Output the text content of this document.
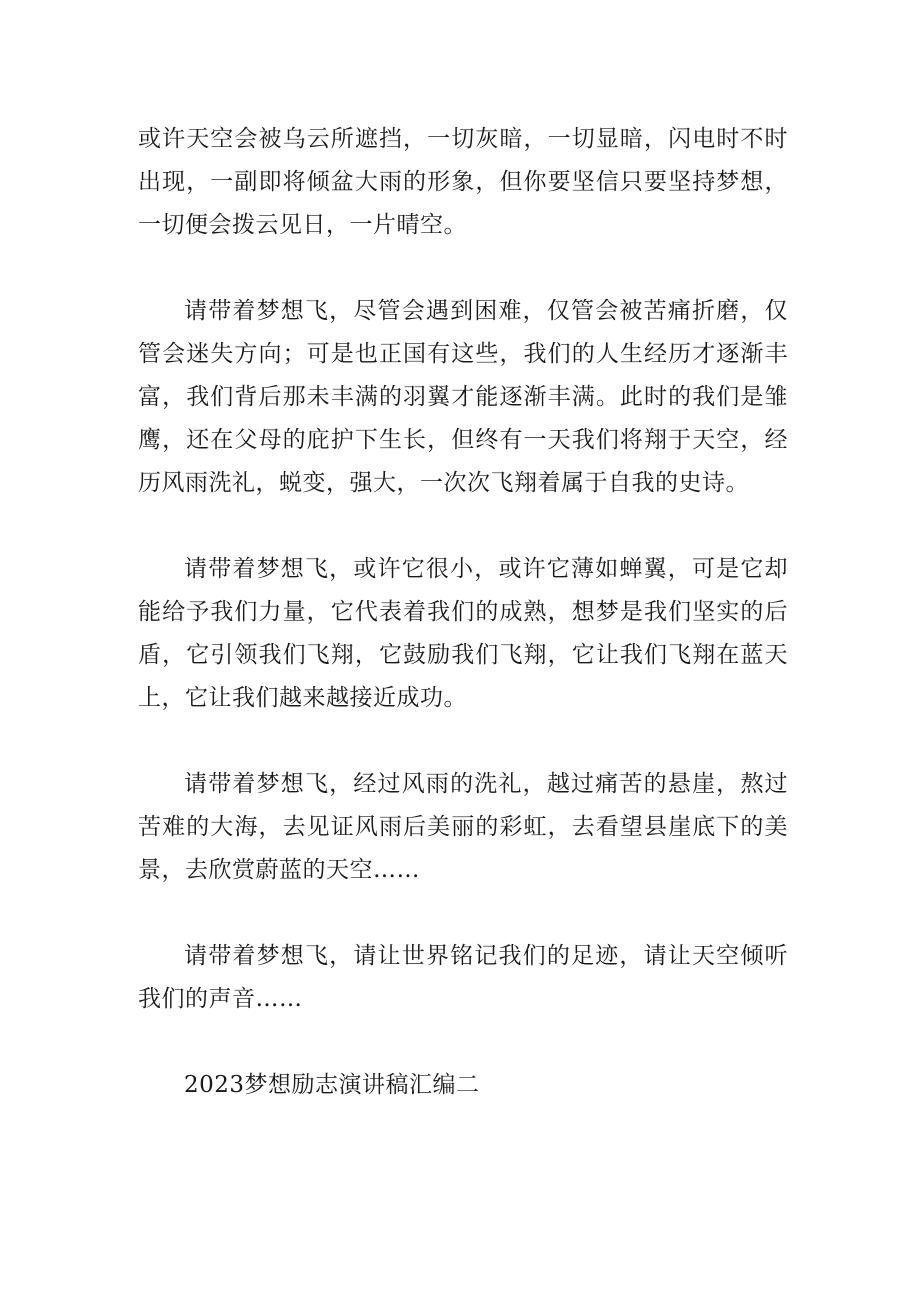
或许天空会被乌云所遮挡，一切灰暗，一切显暗，闪电时不时出现，一副即将倾盆大雨的形象，但你要坚信只要坚持梦想，一切便会拨云见日，一片晴空。

请带着梦想飞，尽管会遇到困难，仅管会被苦痛折磨，仅管会迷失方向；可是也正国有这些，我们的人生经历才逐渐丰富，我们背后那未丰满的羽翼才能逐渐丰满。此时的我们是雏鹰，还在父母的庇护下生长，但终有一天我们将翔于天空，经历风雨洗礼，蜕变，强大，一次次飞翔着属于自我的史诗。

请带着梦想飞，或许它很小，或许它薄如蝉翼，可是它却能给予我们力量，它代表着我们的成熟，想梦是我们坚实的后盾，它引领我们飞翔，它鼓励我们飞翔，它让我们飞翔在蓝天上，它让我们越来越接近成功。

请带着梦想飞，经过风雨的洗礼，越过痛苦的悬崖，熬过苦难的大海，去见证风雨后美丽的彩虹，去看望县崖底下的美景，去欣赏蔚蓝的天空……

请带着梦想飞，请让世界铭记我们的足迹，请让天空倾听我们的声音……

2023梦想励志演讲稿汇编二
